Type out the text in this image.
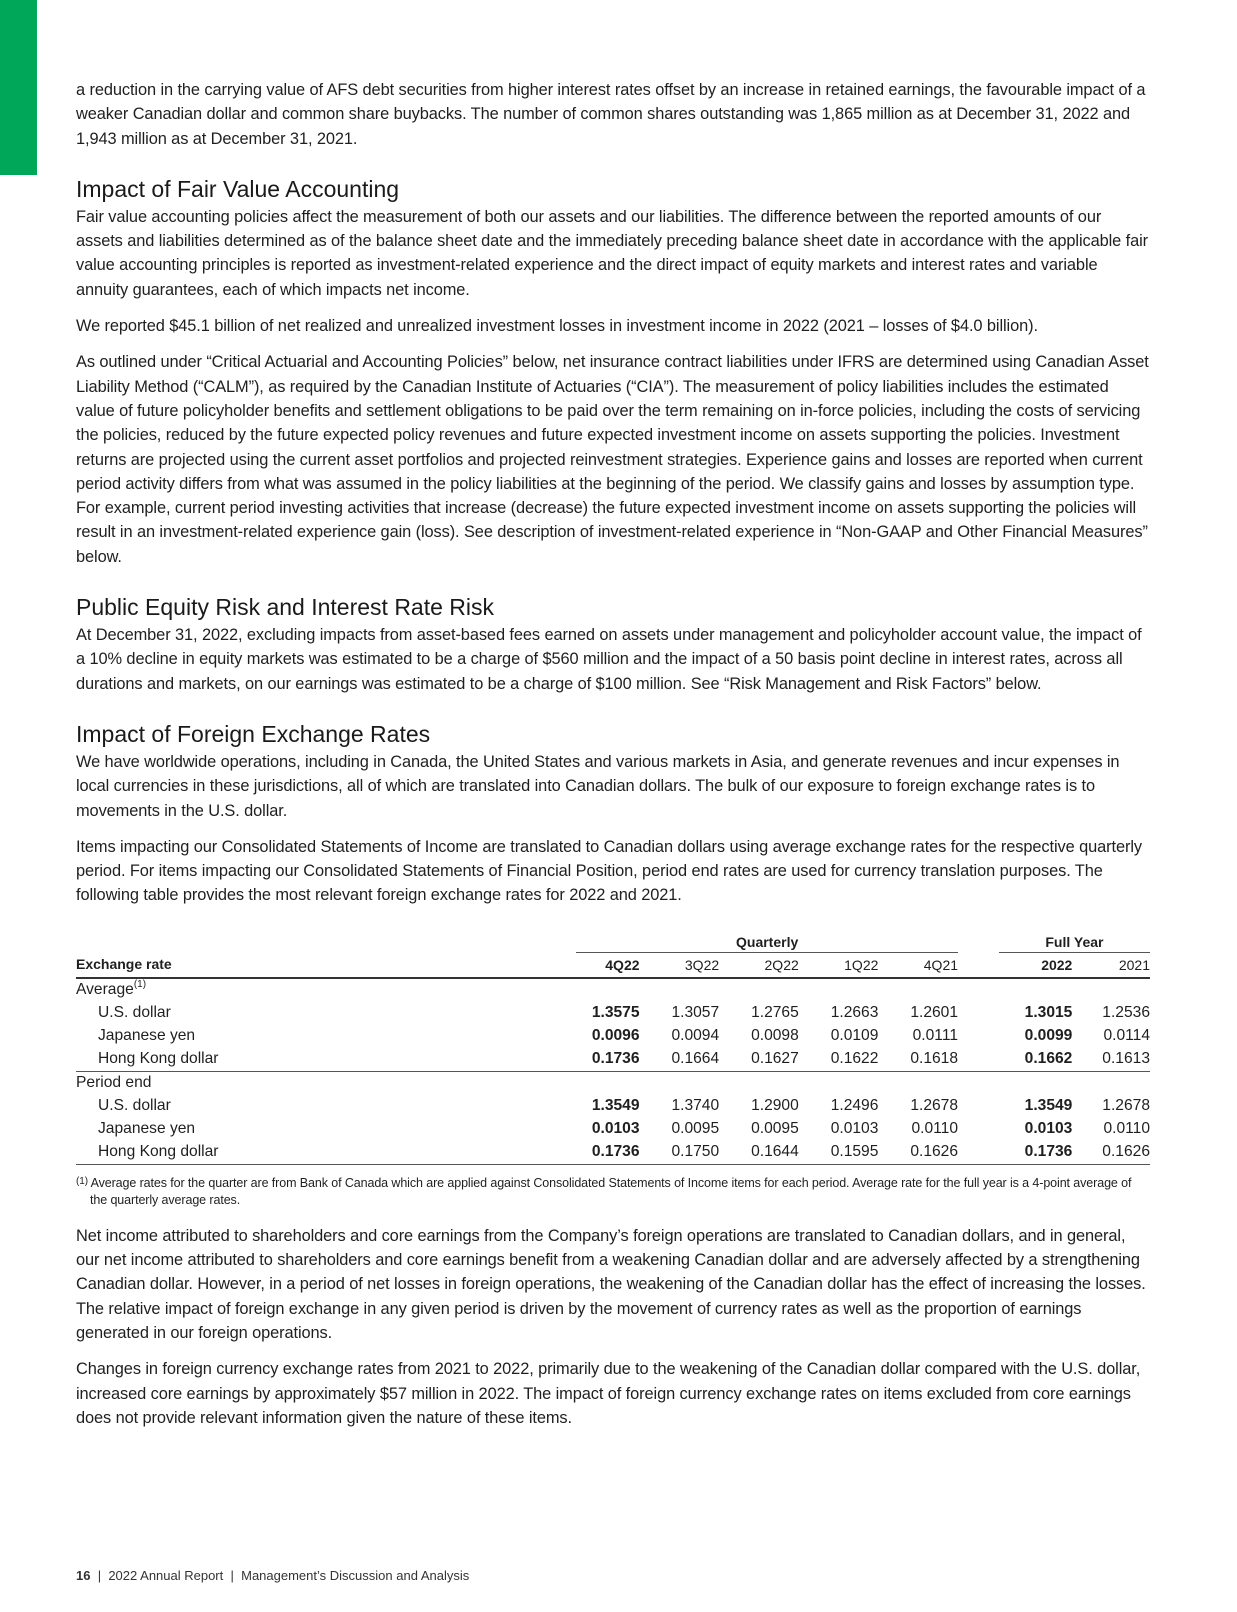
a reduction in the carrying value of AFS debt securities from higher interest rates offset by an increase in retained earnings, the favourable impact of a weaker Canadian dollar and common share buybacks. The number of common shares outstanding was 1,865 million as at December 31, 2022 and 1,943 million as at December 31, 2021.

Impact of Fair Value Accounting

Fair value accounting policies affect the measurement of both our assets and our liabilities. The difference between the reported amounts of our assets and liabilities determined as of the balance sheet date and the immediately preceding balance sheet date in accordance with the applicable fair value accounting principles is reported as investment-related experience and the direct impact of equity markets and interest rates and variable annuity guarantees, each of which impacts net income.

We reported $45.1 billion of net realized and unrealized investment losses in investment income in 2022 (2021 – losses of $4.0 billion).

As outlined under “Critical Actuarial and Accounting Policies” below, net insurance contract liabilities under IFRS are determined using Canadian Asset Liability Method (“CALM”), as required by the Canadian Institute of Actuaries (“CIA”). The measurement of policy liabilities includes the estimated value of future policyholder benefits and settlement obligations to be paid over the term remaining on in-force policies, including the costs of servicing the policies, reduced by the future expected policy revenues and future expected investment income on assets supporting the policies. Investment returns are projected using the current asset portfolios and projected reinvestment strategies. Experience gains and losses are reported when current period activity differs from what was assumed in the policy liabilities at the beginning of the period. We classify gains and losses by assumption type. For example, current period investing activities that increase (decrease) the future expected investment income on assets supporting the policies will result in an investment-related experience gain (loss). See description of investment-related experience in “Non-GAAP and Other Financial Measures” below.

Public Equity Risk and Interest Rate Risk

At December 31, 2022, excluding impacts from asset-based fees earned on assets under management and policyholder account value, the impact of a 10% decline in equity markets was estimated to be a charge of $560 million and the impact of a 50 basis point decline in interest rates, across all durations and markets, on our earnings was estimated to be a charge of $100 million. See “Risk Management and Risk Factors” below.

Impact of Foreign Exchange Rates

We have worldwide operations, including in Canada, the United States and various markets in Asia, and generate revenues and incur expenses in local currencies in these jurisdictions, all of which are translated into Canadian dollars. The bulk of our exposure to foreign exchange rates is to movements in the U.S. dollar.

Items impacting our Consolidated Statements of Income are translated to Canadian dollars using average exchange rates for the respective quarterly period. For items impacting our Consolidated Statements of Financial Position, period end rates are used for currency translation purposes. The following table provides the most relevant foreign exchange rates for 2022 and 2021.

	Quarterly						Full Year	
Exchange rate	4Q22	3Q22	2Q22	1Q22	4Q21		2022	2021
Average$^{(1)}$
U.S. dollar	1.3575	1.3057	1.2765	1.2663	1.2601		1.3015	1.2536
Japanese yen	0.0096	0.0094	0.0098	0.0109	0.0111		0.0099	0.0114
Hong Kong dollar	0.1736	0.1664	0.1627	0.1622	0.1618		0.1662	0.1613
Period end								
U.S. dollar	1.3549	1.3740	1.2900	1.2496	1.2678		1.3549	1.2678
Japanese yen	0.0103	0.0095	0.0095	0.0103	0.0110		0.0103	0.0110
Hong Kong dollar	0.1736	0.1750	0.1644	0.1595	0.1626		0.1736	0.1626

$^{(1)}$ Average rates for the quarter are from Bank of Canada which are applied against Consolidated Statements of Income items for each period. Average rate for the full year is a 4-point average of the quarterly average rates.

Net income attributed to shareholders and core earnings from the Company’s foreign operations are translated to Canadian dollars, and in general, our net income attributed to shareholders and core earnings benefit from a weakening Canadian dollar and are adversely affected by a strengthening Canadian dollar. However, in a period of net losses in foreign operations, the weakening of the Canadian dollar has the effect of increasing the losses. The relative impact of foreign exchange in any given period is driven by the movement of currency rates as well as the proportion of earnings generated in our foreign operations.

Changes in foreign currency exchange rates from 2021 to 2022, primarily due to the weakening of the Canadian dollar compared with the U.S. dollar, increased core earnings by approximately $57 million in 2022. The impact of foreign currency exchange rates on items excluded from core earnings does not provide relevant information given the nature of these items.

16 | 2022 Annual Report | Management’s Discussion and Analysis
